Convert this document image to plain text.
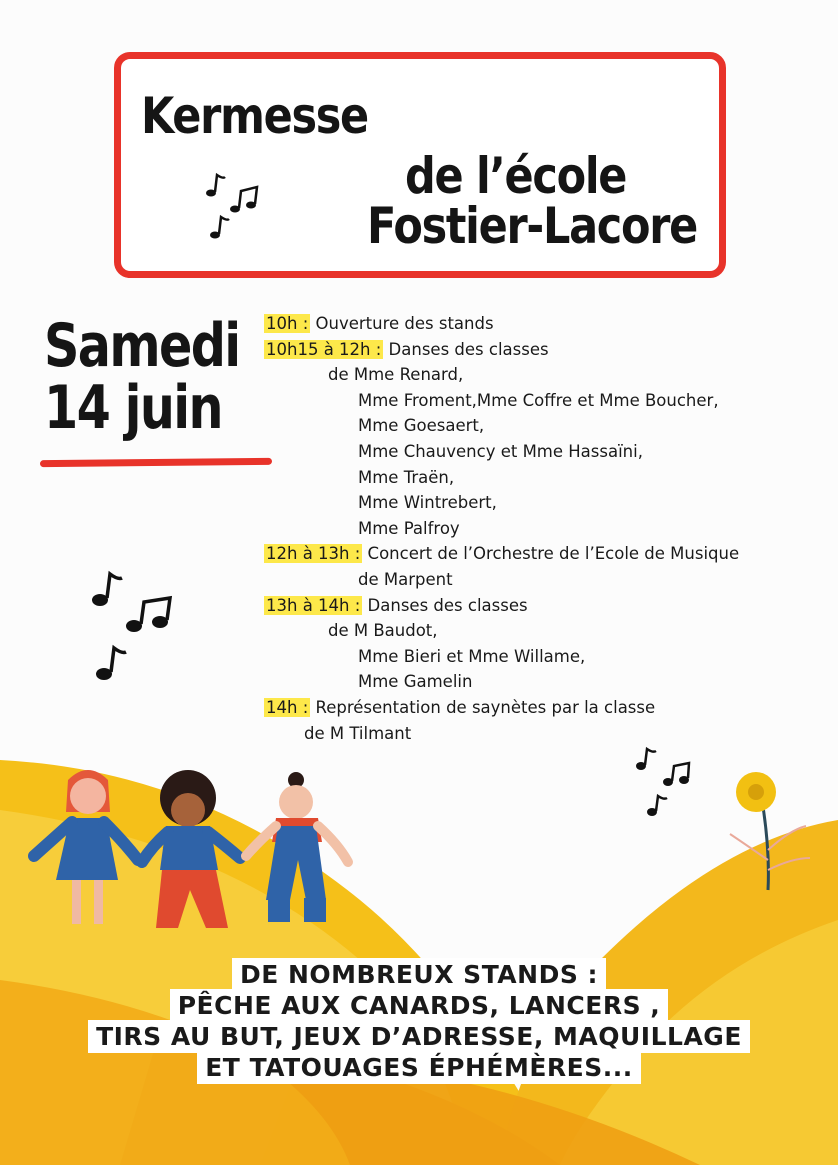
Kermesse
de l’école
Fostier-Lacore
Samedi
14 juin
10h : Ouverture des stands
10h15 à 12h : Danses des classes
de Mme Renard,
Mme Froment,Mme Coffre et Mme Boucher,
Mme Goesaert,
Mme Chauvency et Mme Hassaïni,
Mme Traën,
Mme Wintrebert,
Mme Palfroy
12h à 13h : Concert de l’Orchestre de l’Ecole de Musique
de Marpent
13h à 14h : Danses des classes
de M Baudot,
Mme Bieri et Mme Willame,
Mme Gamelin
14h : Représentation de saynètes par la classe
de M Tilmant
DE NOMBREUX STANDS :
PÊCHE AUX CANARDS, LANCERS ,
TIRS AU BUT, JEUX D’ADRESSE, MAQUILLAGE
ET TATOUAGES ÉPHÉMÈRES...
